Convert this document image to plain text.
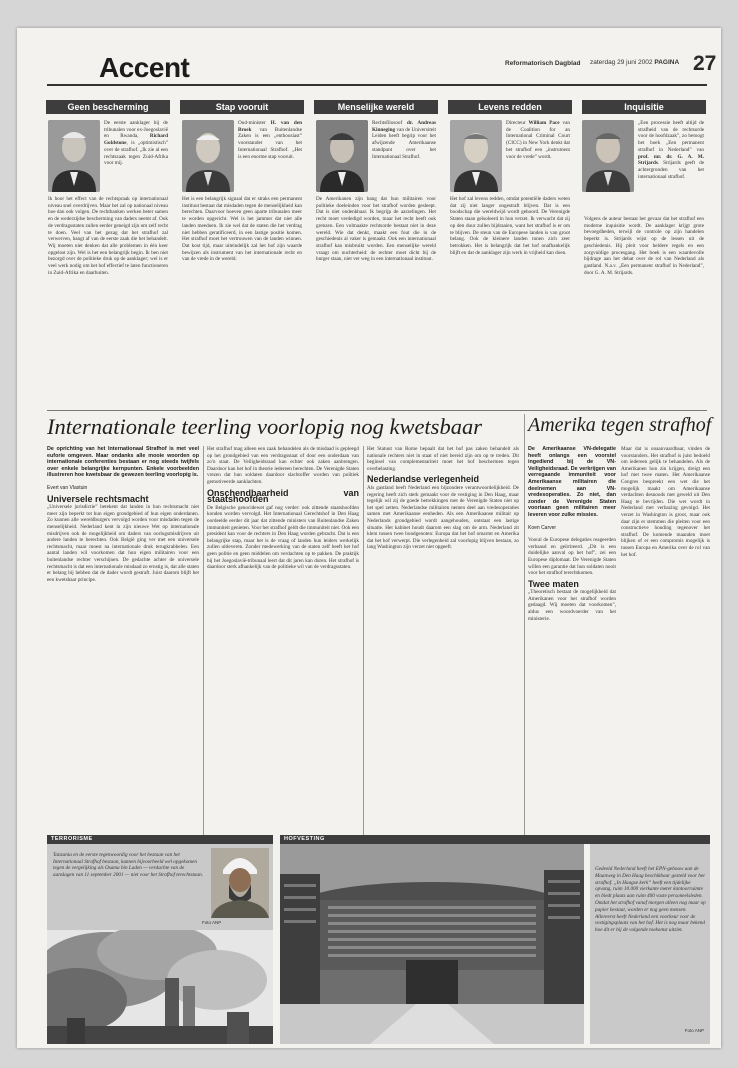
Accent	Reformatorisch Dagblad zaterdag 29 juni 2002 PAGINA 27
Geen bescherming
De eerste aanklager bij de tribunalen voor ex-Joegoslavië en Rwanda, Richard Goldstone, is „optimistisch” over de strafhof. „Ik zie al een rechtszaak tegen Zuid-Afrika voor mij.
Ik hoor het effect van de rechtspraak op internationaal niveau snel overdrijven. Maar het zal op nationaal niveau hoe dan ook volgen. De rechtbanken werken beter samen en de wederzijdse bescherming van daders neemt af. Ook de verdragsstaten zullen eerder geneigd zijn om zelf recht te doen. Veel van het gezag dat het strafhof zal verwerven, hangt af van de eerste zaak die het behandelt. Wij moeten niet denken dat alle problemen in één keer opgelost zijn. Wel is het een belangrijk begin. Ik ben niet bezorgd over de politieke druk op de aanklager; wel is er veel werk nodig om het hof effectief te laten functioneren in Zuid-Afrika en daarbuiten.
Stap vooruit
Oud-minister H. van den Broek van Buitenlandse Zaken is een „enthousiast” voorstander van het Internationaal Strafhof. „Het is een enorme stap vooruit.
Het is een belangrijk signaal dat er straks een permanent instituut bestaat dat misdaden tegen de menselijkheid kan berechten. Daarvoor hoeven geen aparte tribunalen meer te worden opgericht. Wel is het jammer dat niet alle landen meedoen. Ik zie wel dat de staten die het verdrag niet hebben geratificeerd, in een lastige positie komen. Het strafhof moet het vertrouwen van de landen winnen. Dat kost tijd, maar uiteindelijk zal het hof zijn waarde bewijzen als instrument van het internationale recht en van de vrede in de wereld.
Menselijke wereld
Rechtsfilosoof dr. Andreas Kinneging van de Universiteit Leiden heeft begrip voor het afwijzende Amerikaanse standpunt over het Internationaal Strafhof.
De Amerikanen zijn bang dat hun militairen voor politieke doeleinden voor het strafhof worden gesleept. Dat is niet ondenkbaar. Ik begrijp de aarzelingen. Het recht moet verdedigd worden, maar het recht heeft ook grenzen. Een volmaakte rechtsorde bestaat niet in deze wereld. Wie dat denkt, maakt een fout die in de geschiedenis al vaker is gemaakt. Ook een internationaal strafhof kan misbruikt worden. Een menselijke wereld vraagt om nuchterheid: de rechter moet dicht bij de burger staan, niet ver weg in een internationaal instituut.
Levens redden
Directeur William Pace van de Coalition for an International Criminal Court (CICC) in New York denkt dat het strafhof een „instrument voor de vrede” wordt.
Het hof zal levens redden, omdat potentiële daders weten dat zij niet langer ongestraft blijven. Dat is een boodschap die wereldwijd wordt gehoord. De Verenigde Staten staan geïsoleerd in hun verzet. Ik verwacht dat zij op den duur zullen bijdraaien, want het strafhof is er om te blijven. De steun van de Europese landen is van groot belang. Ook de kleinere landen tonen zich zeer betrokken. Het is belangrijk dat het hof onafhankelijk blijft en dat de aanklager zijn werk in vrijheid kan doen.
Inquisitie
„Een processie heeft altijd de strafheid van de rechtsorde voor de hoofdzaak”, zo betoogt het boek „Een permanent strafhof in Nederland” van prof. mr. dr. G. A. M. Strijards. Strijards geeft de achtergronden van het internationaal strafhof.
Volgens de auteur bestaat het gevaar dat het strafhof een moderne inquisitie wordt. De aanklager krijgt grote bevoegdheden, terwijl de controle op zijn handelen beperkt is. Strijards wijst op de lessen uit de geschiedenis. Hij pleit voor heldere regels en een zorgvuldige procesgang. Het boek is een waardevolle bijdrage aan het debat over de rol van Nederland als gastland. N.a.v. „Een permanent strafhof in Nederland”, door G. A. M. Strijards.
Internationale teerling voorlopig nog kwetsbaar	Amerika tegen strafhof
De oprichting van het Internationaal Strafhof is met veel euforie omgeven. Maar ondanks alle mooie woorden op internationale conferenties bestaan er nog steeds twijfels over enkele belangrijke kernpunten. Enkele voorbeelden illustreren hoe kwetsbaar de gewezen teerling voorlopig is.
Evert van Vlastuin
Universele rechtsmacht
„Universele jurisdictie” betekent dat landen in hun rechtsmacht niet meer zijn beperkt tot hun eigen grondgebied of hun eigen onderdanen. Zo kunnen alle wereldburgers vervolgd worden voor misdaden tegen de menselijkheid. Nederland kent in zijn nieuwe Wet op internationale misdrijven ook de mogelijkheid om daders van oorlogsmisdrijven uit andere landen te berechten. Ook België ging ver met een universele rechtsmacht, maar moest na internationale druk terugkrabbelen. Een aantal landen wil voorkomen dat hun eigen militairen voor een buitenlandse rechter verschijnen. De gedachte achter de universele rechtsmacht is dat een internationale misdaad zo ernstig is, dat alle staten er belang bij hebben dat de dader wordt gestraft. Juist daarom blijft het een kwetsbaar principe.
Het strafhof mag alleen een zaak behandelen als de misdaad is gepleegd op het grondgebied van een verdragsstaat of door een onderdaan van zo'n staat. De Veiligheidsraad kan echter ook zaken aanbrengen. Daardoor kan het hof in theorie iedereen berechten. De Verenigde Staten vrezen dat hun soldaten daardoor slachtoffer worden van politiek gemotiveerde aanklachten.
Onschendbaarheid van staatshoofden
De Belgische genocidewet gaf nog verder: ook zittende staatshoofden konden worden vervolgd. Het Internationaal Gerechtshof in Den Haag oordeelde eerder dit jaar dat zittende ministers van Buitenlandse Zaken immuniteit genieten. Voor het strafhof geldt die immuniteit niet. Ook een president kan voor de rechters in Den Haag worden gebracht. Dat is een belangrijke stap, maar het is de vraag of landen hun leiders werkelijk zullen uitleveren. Zonder medewerking van de staten zelf heeft het hof geen politie en geen middelen om verdachten op te pakken. De praktijk bij het Joegoslavië-tribunaal leert dat dit jaren kan duren. Het strafhof is daardoor sterk afhankelijk van de politieke wil van de verdragsstaten.
Het Statuut van Rome bepaalt dat het hof pas zaken behandelt als nationale rechters niet in staat of niet bereid zijn om op te treden. Dit beginsel van complementariteit moet het hof beschermen tegen overbelasting.
Nederlandse verlegenheid
Als gastland heeft Nederland een bijzondere verantwoordelijkheid. De regering heeft zich sterk gemaakt voor de vestiging in Den Haag, maar tegelijk wil zij de goede betrekkingen met de Verenigde Staten niet op het spel zetten. Nederlandse militairen nemen deel aan vredesoperaties samen met Amerikaanse eenheden. Als een Amerikaanse militair op Nederlands grondgebied wordt aangehouden, ontstaat een lastige situatie. Het kabinet houdt daarom een slag om de arm. Nederland zit klem tussen twee bondgenoten: Europa dat het hof omarmt en Amerika dat het hof verwerpt. Die verlegenheid zal voorlopig blijven bestaan, zo lang Washington zijn verzet niet opgeeft.
De Amerikaanse VN-delegatie heeft onlangs een voorstel ingediend bij de VN-Veiligheidsraad. De verkrijgen van verregaande immuniteit voor Amerikaanse militairen die deelnemen aan VN-vredesoperaties. Zo niet, dan zonder de Verenigde Staten voortaan geen militairen meer leveren voor zulke missies.
Koen Carver
Vooral de Europese delegaties reageerden verbaasd en geïrriteerd. „Dit is een duidelijke aanval op het hof”, zei een Europese diplomaat. De Verenigde Staten willen een garantie dat hun soldaten nooit voor het strafhof terechtkomen.
Twee maten
„Theoretisch bestaat de mogelijkheid dat Amerikanen voor het strafhof worden gedaagd. Wij moeten dat voorkomen”, aldus een woordvoerder van het ministerie.
Maar dat is onaanvaardbaar, vinden de voorstanders. Het strafhof is juist bedoeld om iedereen gelijk te behandelen. Als de Amerikanen hun zin krijgen, dreigt een hof met twee maten. Het Amerikaanse Congres bespreekt een wet die het mogelijk maakt om Amerikaanse verdachten desnoods met geweld uit Den Haag te bevrijden. Die wet wordt in Nederland met verbazing gevolgd. Het verzet in Washington is groot, maar ook daar zijn er stemmen die pleiten voor een constructieve houding tegenover het strafhof. De komende maanden moet blijken of er een compromis mogelijk is tussen Europa en Amerika over de rol van het hof.
TERRORISME
Tanzania en de eerste tegenwoordig voor het bestaan van het Internationaal Strafhof bestaan, kunnen bijvoorbeeld wel opgekomen tegen de vergelijking als Osama bin Laden — verdachte van de aanslagen van 11 september 2001 — niet voor het Strafhof terechtstaan.
Foto ANP
HOFVESTING
Gedeeld Nederland heeft het EPN-gebouw aan de Maanweg in Den Haag beschikbaar gesteld voor het strafhof. „In Haagse kerk” heeft een tijdelijke opvang, ruim 10.000 vierkante meter kantoorruimte en biedt plaats aan ruim 400 vaste personeelsleden. Omdat het strafhof vanaf morgen alleen nog maar op papier bestaat, worden er nog geen mensen. Allereerst heeft Nederland een voorkeur voor de vestigingsplaats van het hof. Het is nog maar bekend hoe dit er bij de volgende toekomst uitziet.
Foto ANP
